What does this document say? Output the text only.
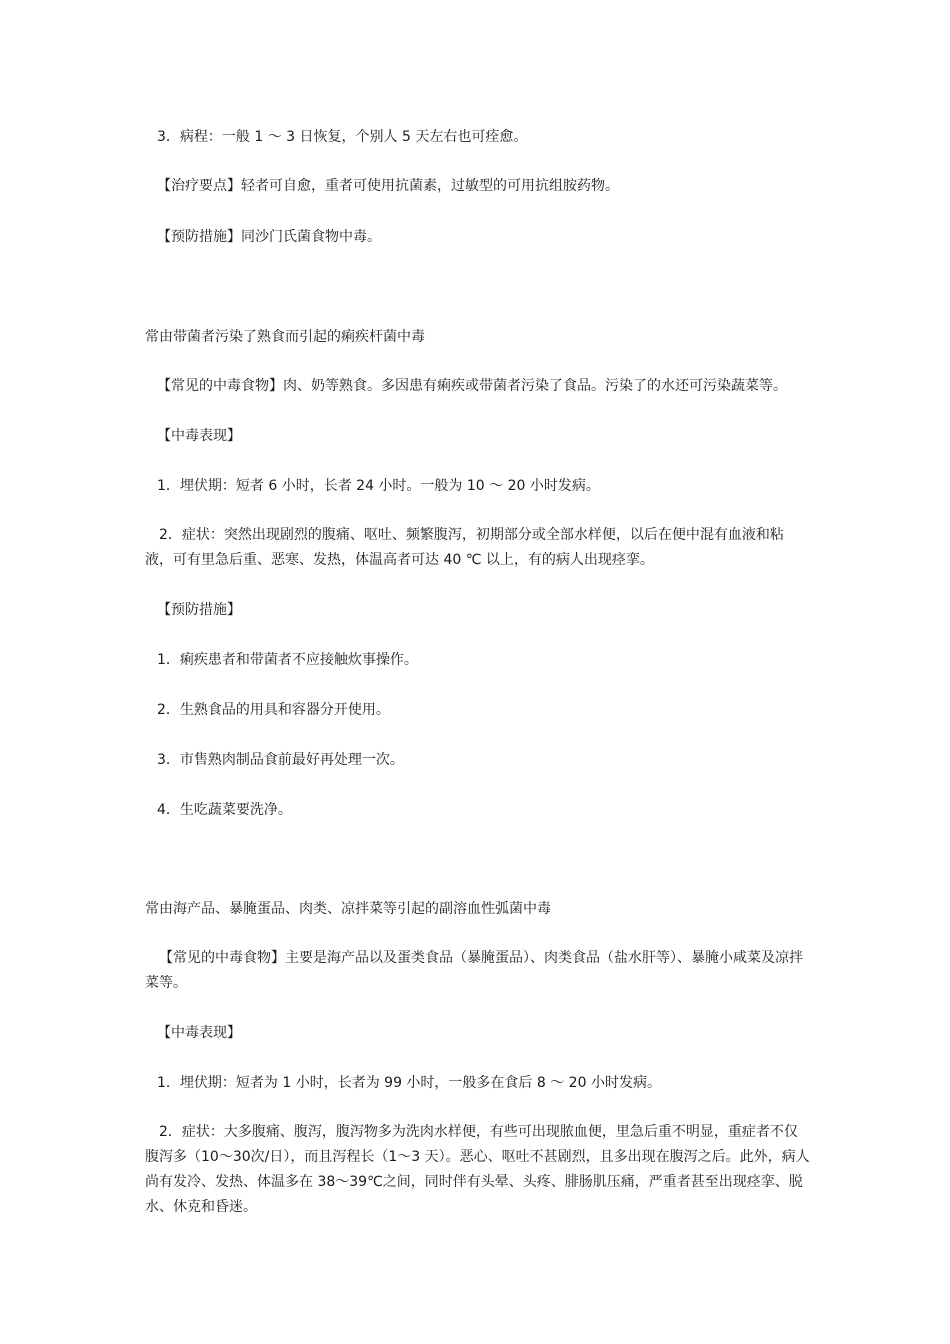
3．病程：一般 1 ～ 3 日恢复，个别人 5 天左右也可痊愈。
【治疗要点】轻者可自愈，重者可使用抗菌素，过敏型的可用抗组胺药物。
【预防措施】同沙门氏菌食物中毒。
常由带菌者污染了熟食而引起的痢疾杆菌中毒
【常见的中毒食物】肉、奶等熟食。多因患有痢疾或带菌者污染了食品。污染了的水还可污染蔬菜等。
【中毒表现】
1．埋伏期：短者 6 小时，长者 24 小时。一般为 10 ～ 20 小时发病。
2．症状：突然出现剧烈的腹痛、呕吐、频繁腹泻，初期部分或全部水样便，以后在便中混有血液和粘液，可有里急后重、恶寒、发热，体温高者可达 40 ℃ 以上，有的病人出现痉挛。
【预防措施】
1．痢疾患者和带菌者不应接触炊事操作。
2．生熟食品的用具和容器分开使用。
3．市售熟肉制品食前最好再处理一次。
4．生吃蔬菜要洗净。
常由海产品、暴腌蛋品、肉类、凉拌菜等引起的副溶血性弧菌中毒
【常见的中毒食物】主要是海产品以及蛋类食品（暴腌蛋品）、肉类食品（盐水肝等）、暴腌小咸菜及凉拌菜等。
【中毒表现】
1．埋伏期：短者为 1 小时，长者为 99 小时，一般多在食后 8 ～ 20 小时发病。
2．症状：大多腹痛、腹泻，腹泻物多为洗肉水样便，有些可出现脓血便，里急后重不明显，重症者不仅腹泻多（10～30次/日），而且泻程长（1～3 天）。恶心、呕吐不甚剧烈，且多出现在腹泻之后。此外，病人尚有发冷、发热、体温多在 38～39℃之间，同时伴有头晕、头疼、腓肠肌压痛，严重者甚至出现痉挛、脱水、休克和昏迷。
